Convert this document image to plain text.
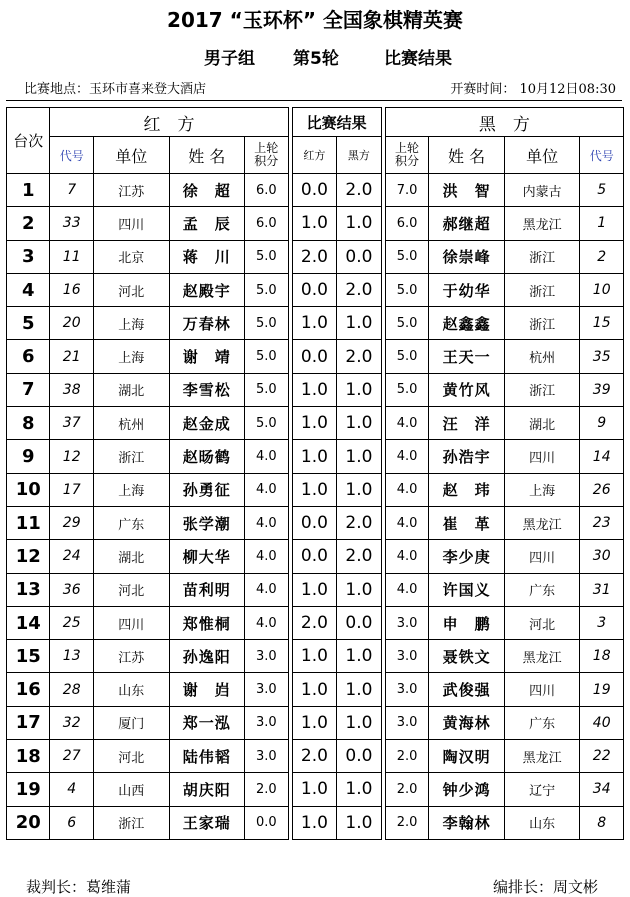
2017 “玉环杯” 全国象棋精英赛
男子组 第5轮	比赛结果
比赛地点：玉环市喜来登大酒店	开赛时间： 10月12日08:30
台次	红　方					比赛结果			黑　方			
	代号	单位	姓 名	上轮积分		红方	黑方		上轮积分	姓 名	单位	代号
1	7	江苏	徐　超	6.0		0.0	2.0		7.0	洪　智	内蒙古	5
2	33	四川	孟　辰	6.0		1.0	1.0		6.0	郝继超	黑龙江	1
3	11	北京	蒋　川	5.0		2.0	0.0		5.0	徐崇峰	浙江	2
4	16	河北	赵殿宇	5.0		0.0	2.0		5.0	于幼华	浙江	10
5	20	上海	万春林	5.0		1.0	1.0		5.0	赵鑫鑫	浙江	15
6	21	上海	谢　靖	5.0		0.0	2.0		5.0	王天一	杭州	35
7	38	湖北	李雪松	5.0		1.0	1.0		5.0	黄竹风	浙江	39
8	37	杭州	赵金成	5.0		1.0	1.0		4.0	汪　洋	湖北	9
9	12	浙江	赵旸鹤	4.0		1.0	1.0		4.0	孙浩宇	四川	14
10	17	上海	孙勇征	4.0		1.0	1.0		4.0	赵　玮	上海	26
11	29	广东	张学潮	4.0		0.0	2.0		4.0	崔　革	黑龙江	23
12	24	湖北	柳大华	4.0		0.0	2.0		4.0	李少庚	四川	30
13	36	河北	苗利明	4.0		1.0	1.0		4.0	许国义	广东	31
14	25	四川	郑惟桐	4.0		2.0	0.0		3.0	申　鹏	河北	3
15	13	江苏	孙逸阳	3.0		1.0	1.0		3.0	聂铁文	黑龙江	18
16	28	山东	谢　岿	3.0		1.0	1.0		3.0	武俊强	四川	19
17	32	厦门	郑一泓	3.0		1.0	1.0		3.0	黄海林	广东	40
18	27	河北	陆伟韬	3.0		2.0	0.0		2.0	陶汉明	黑龙江	22
19	4	山西	胡庆阳	2.0		1.0	1.0		2.0	钟少鸿	辽宁	34
20	6	浙江	王家瑞	0.0		1.0	1.0		2.0	李翰林	山东	8
裁判长：葛维蒲	编排长：周文彬
